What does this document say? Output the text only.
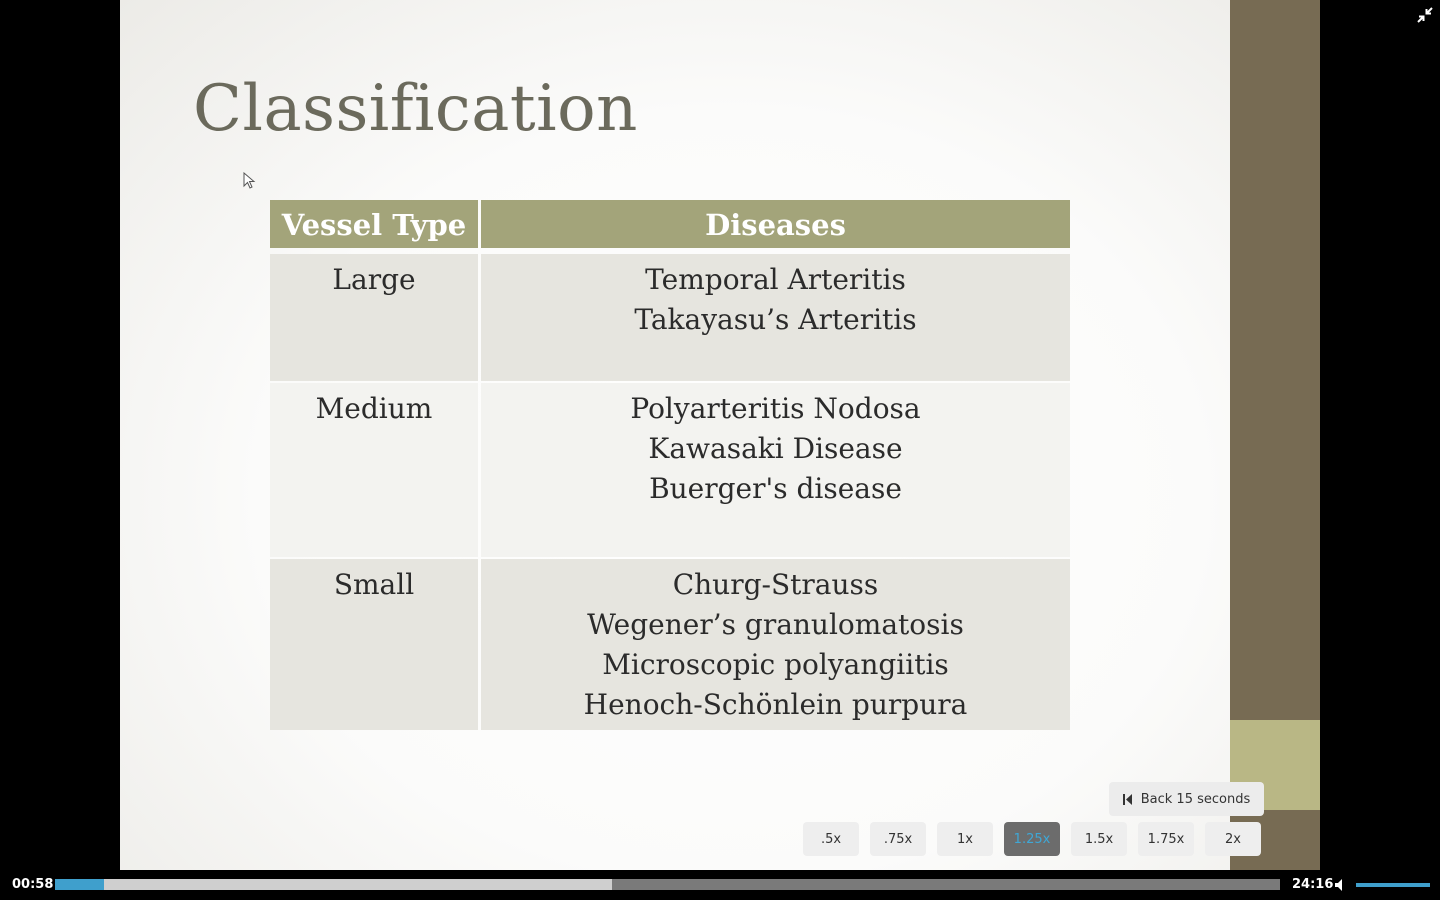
Classification
Vessel Type	Diseases
Large	Temporal Arteritis
Takayasu’s Arteritis
Medium	Polyarteritis Nodosa
Kawasaki Disease
Buerger's disease
Small	Churg-Strauss
Wegener’s granulomatosis
Microscopic polyangiitis
Henoch-Schönlein purpura
Back 15 seconds
.5x	.75x	1x	1.25x	1.5x	1.75x	2x
00:58	24:16
